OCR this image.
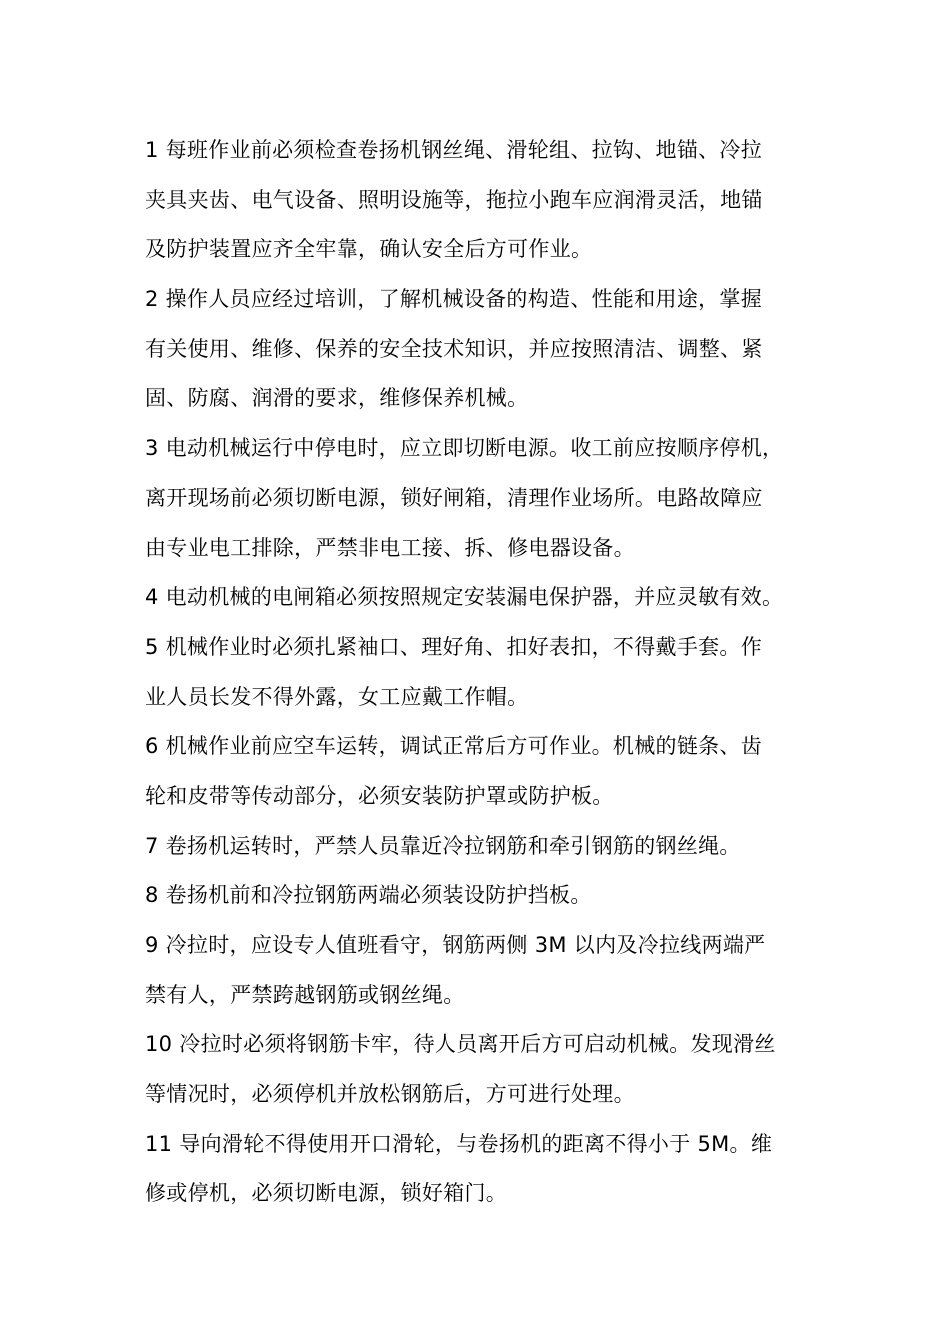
1 每班作业前必须检查卷扬机钢丝绳、滑轮组、拉钩、地锚、冷拉
夹具夹齿、电气设备、照明设施等，拖拉小跑车应润滑灵活，地锚
及防护装置应齐全牢靠，确认安全后方可作业。
2 操作人员应经过培训，了解机械设备的构造、性能和用途，掌握
有关使用、维修、保养的安全技术知识，并应按照清洁、调整、紧
固、防腐、润滑的要求，维修保养机械。
3 电动机械运行中停电时，应立即切断电源。收工前应按顺序停机，
离开现场前必须切断电源，锁好闸箱，清理作业场所。电路故障应
由专业电工排除，严禁非电工接、拆、修电器设备。
4 电动机械的电闸箱必须按照规定安装漏电保护器，并应灵敏有效。
5 机械作业时必须扎紧袖口、理好角、扣好表扣，不得戴手套。作
业人员长发不得外露，女工应戴工作帽。
6 机械作业前应空车运转，调试正常后方可作业。机械的链条、齿
轮和皮带等传动部分，必须安装防护罩或防护板。
7 卷扬机运转时，严禁人员靠近冷拉钢筋和牵引钢筋的钢丝绳。
8 卷扬机前和冷拉钢筋两端必须装设防护挡板。
9 冷拉时，应设专人值班看守，钢筋两侧 3M 以内及冷拉线两端严
禁有人，严禁跨越钢筋或钢丝绳。
10 冷拉时必须将钢筋卡牢，待人员离开后方可启动机械。发现滑丝
等情况时，必须停机并放松钢筋后，方可进行处理。
11 导向滑轮不得使用开口滑轮，与卷扬机的距离不得小于 5M。维
修或停机，必须切断电源，锁好箱门。
